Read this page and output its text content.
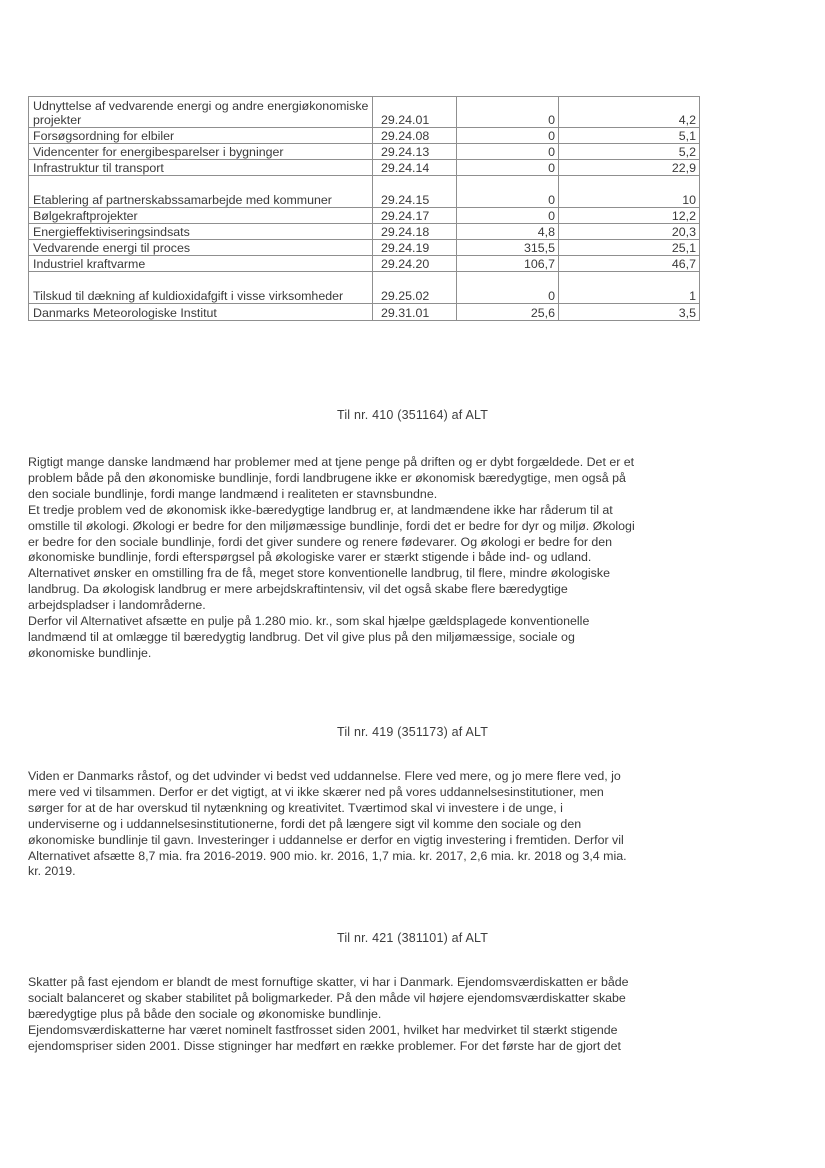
Udnyttelse af vedvarende energi og andre energiøkonomiske projekter	29.24.01	0	4,2
Forsøgsordning for elbiler	29.24.08	0	5,1
Videncenter for energibesparelser i bygninger	29.24.13	0	5,2
Infrastruktur til transport	29.24.14	0	22,9
Etablering af partnerskabssamarbejde med kommuner	29.24.15	0	10
Bølgekraftprojekter	29.24.17	0	12,2
Energieffektiviseringsindsats	29.24.18	4,8	20,3
Vedvarende energi til proces	29.24.19	315,5	25,1
Industriel kraftvarme	29.24.20	106,7	46,7
Tilskud til dækning af kuldioxidafgift i visse virksomheder	29.25.02	0	1
Danmarks Meteorologiske Institut	29.31.01	25,6	3,5
Til nr. 410 (351164) af ALT

Rigtigt mange danske landmænd har problemer med at tjene penge på driften og er dybt forgældede. Det er et

problem både på den økonomiske bundlinje, fordi landbrugene ikke er økonomisk bæredygtige, men også på

den sociale bundlinje, fordi mange landmænd i realiteten er stavnsbundne.

Et tredje problem ved de økonomisk ikke-bæredygtige landbrug er, at landmændene ikke har råderum til at

omstille til økologi. Økologi er bedre for den miljømæssige bundlinje, fordi det er bedre for dyr og miljø. Økologi

er bedre for den sociale bundlinje, fordi det giver sundere og renere fødevarer. Og økologi er bedre for den

økonomiske bundlinje, fordi efterspørgsel på økologiske varer er stærkt stigende i både ind- og udland.

Alternativet ønsker en omstilling fra de få, meget store konventionelle landbrug, til flere, mindre økologiske

landbrug. Da økologisk landbrug er mere arbejdskraftintensiv, vil det også skabe flere bæredygtige

arbejdspladser i landområderne.

Derfor vil Alternativet afsætte en pulje på 1.280 mio. kr., som skal hjælpe gældsplagede konventionelle

landmænd til at omlægge til bæredygtig landbrug. Det vil give plus på den miljømæssige, sociale og

økonomiske bundlinje.

Til nr. 419 (351173) af ALT

Viden er Danmarks råstof, og det udvinder vi bedst ved uddannelse. Flere ved mere, og jo mere flere ved, jo

mere ved vi tilsammen. Derfor er det vigtigt, at vi ikke skærer ned på vores uddannelsesinstitutioner, men

sørger for at de har overskud til nytænkning og kreativitet. Tværtimod skal vi investere i de unge, i

underviserne og i uddannelsesinstitutionerne, fordi det på længere sigt vil komme den sociale og den

økonomiske bundlinje til gavn. Investeringer i uddannelse er derfor en vigtig investering i fremtiden. Derfor vil

Alternativet afsætte 8,7 mia. fra 2016-2019. 900 mio. kr. 2016, 1,7 mia. kr. 2017, 2,6 mia. kr. 2018 og 3,4 mia.

kr. 2019.

Til nr. 421 (381101) af ALT

Skatter på fast ejendom er blandt de mest fornuftige skatter, vi har i Danmark. Ejendomsværdiskatten er både

socialt balanceret og skaber stabilitet på boligmarkeder. På den måde vil højere ejendomsværdiskatter skabe

bæredygtige plus på både den sociale og økonomiske bundlinje.

Ejendomsværdiskatterne har været nominelt fastfrosset siden 2001, hvilket har medvirket til stærkt stigende

ejendomspriser siden 2001. Disse stigninger har medført en række problemer. For det første har de gjort det
